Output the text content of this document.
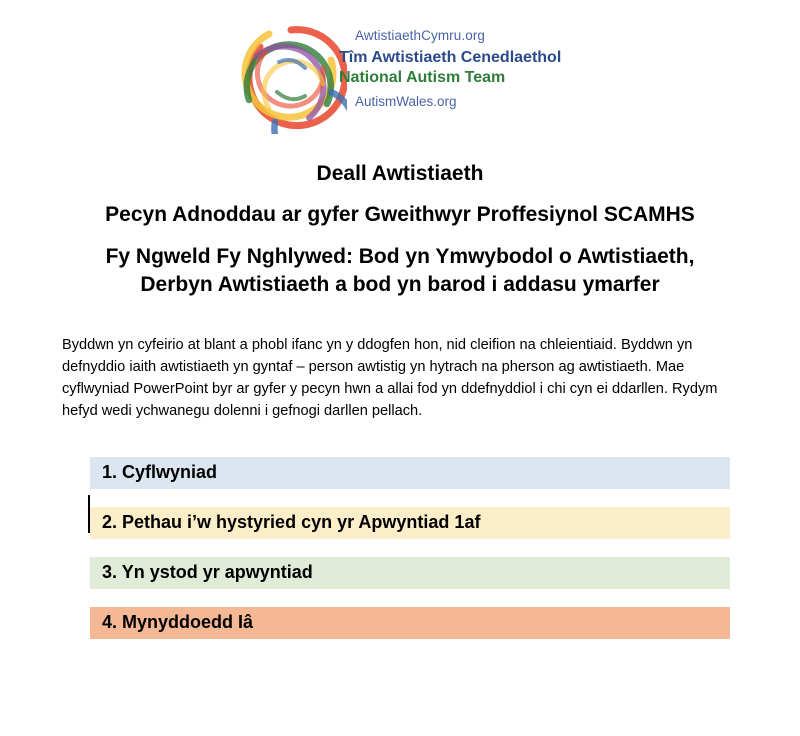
AwtistiaethCymru.org
Tîm Awtistiaeth Cenedlaethol
National Autism Team
AutismWales.org
Deall Awtistiaeth
Pecyn Adnoddau ar gyfer Gweithwyr Proffesiynol SCAMHS
Fy Ngweld Fy Nghlywed: Bod yn Ymwybodol o Awtistiaeth, Derbyn Awtistiaeth a bod yn barod i addasu ymarfer
Byddwn yn cyfeirio at blant a phobl ifanc yn y ddogfen hon, nid cleifion na chleientiaid. Byddwn yn defnyddio iaith awtistiaeth yn gyntaf – person awtistig yn hytrach na pherson ag awtistiaeth. Mae cyflwyniad PowerPoint byr ar gyfer y pecyn hwn a allai fod yn ddefnyddiol i chi cyn ei ddarllen. Rydym hefyd wedi ychwanegu dolenni i gefnogi darllen pellach.
1. Cyflwyniad
2. Pethau i’w hystyried cyn yr Apwyntiad 1af
3. Yn ystod yr apwyntiad
4. Mynyddoedd Iâ
